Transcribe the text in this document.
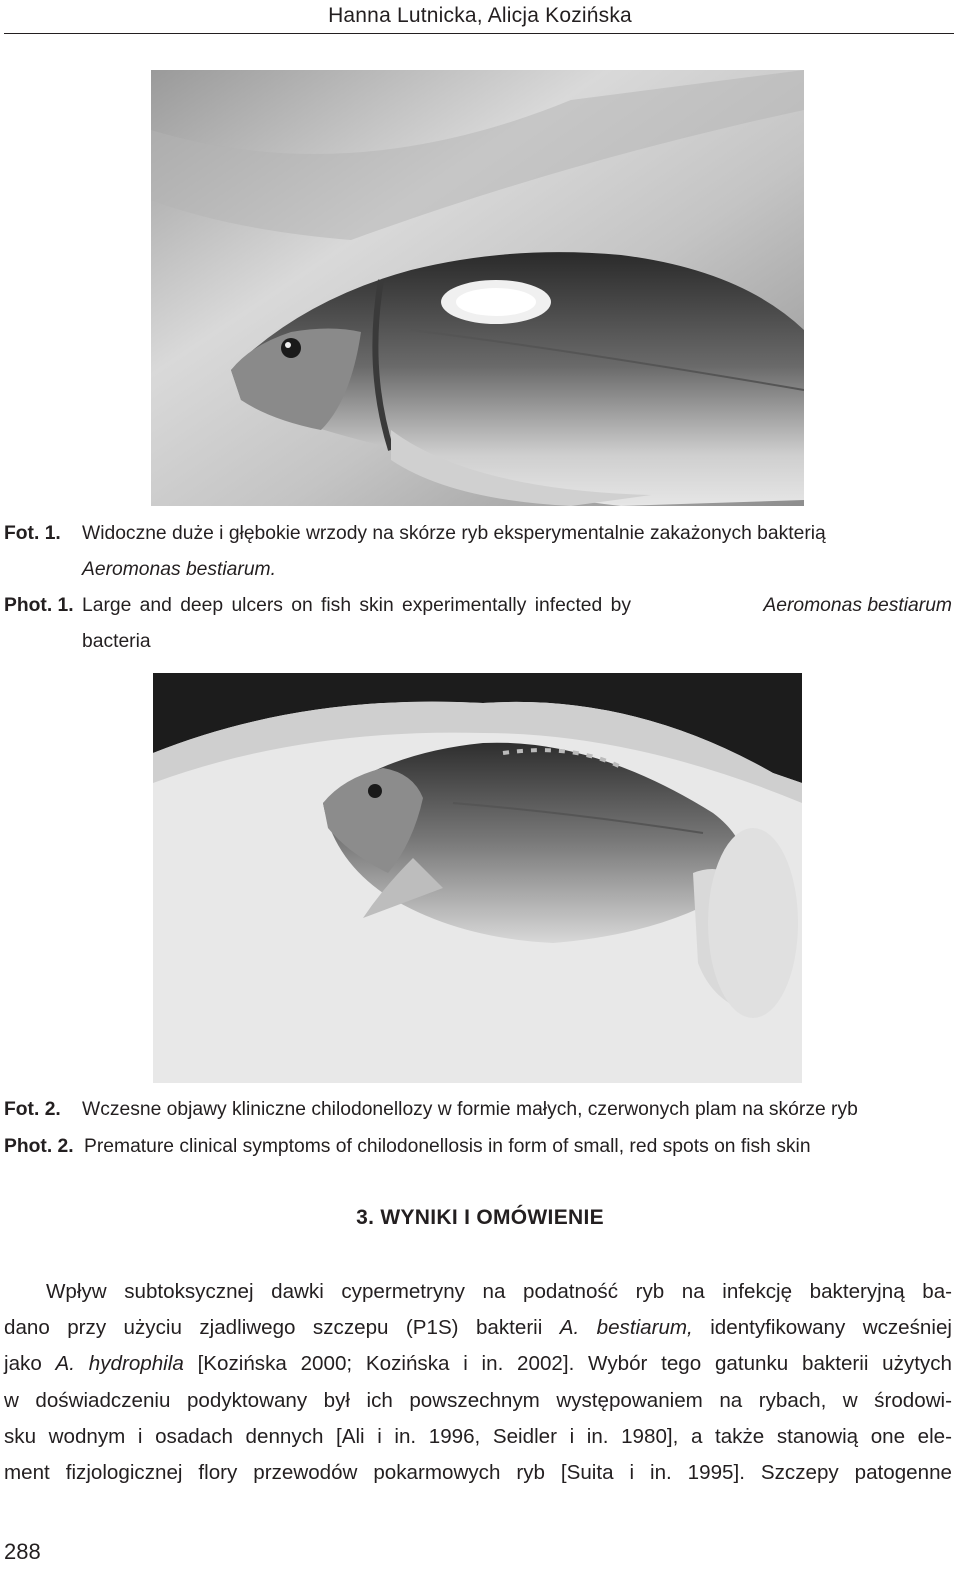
Hanna Lutnicka, Alicja Kozińska
Fot. 1. Widoczne duże i głębokie wrzody na skórze ryb eksperymentalnie zakażonych bakterią
Aeromonas bestiarum.
Phot. 1. Large and deep ulcers on fish skin experimentally infected by	Aeromonas bestiarum
bacteria
Fot. 2. Wczesne objawy kliniczne chilodonellozy w formie małych, czerwonych plam na skórze ryb
Phot. 2. Premature clinical symptoms of chilodonellosis in form of small, red spots on fish skin
3. WYNIKI I OMÓWIENIE
Wpływ subtoksycznej dawki cypermetryny na podatność ryb na infekcję bakteryjną ba-
dano przy użyciu zjadliwego szczepu (P1S) bakterii A. bestiarum, identyfikowany wcześniej
jako A. hydrophila [Kozińska 2000; Kozińska i in. 2002]. Wybór tego gatunku bakterii użytych
w doświadczeniu podyktowany był ich powszechnym występowaniem na rybach, w środowi-
sku wodnym i osadach dennych [Ali i in. 1996, Seidler i in. 1980], a także stanowią one ele-
ment fizjologicznej flory przewodów pokarmowych ryb [Suita i in. 1995]. Szczepy patogenne
288
